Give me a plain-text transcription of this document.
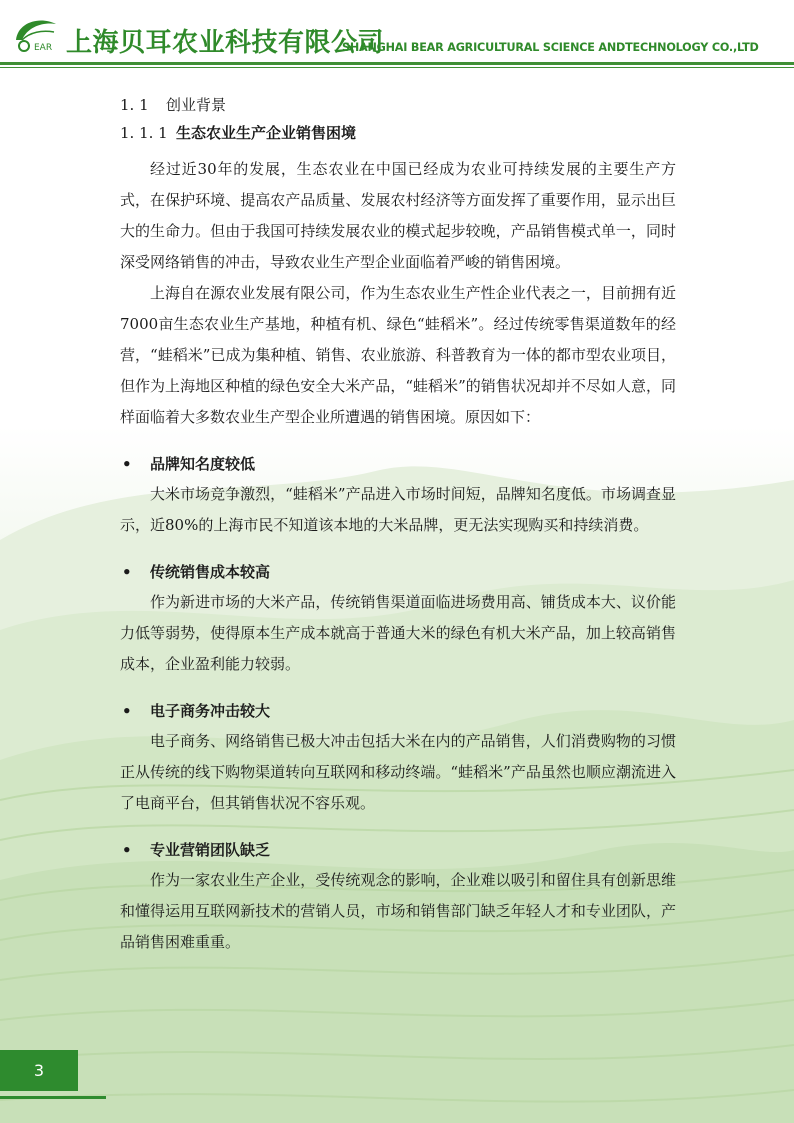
EAR 上海贝耳农业科技有限公司
SHANGHAI BEAR AGRICULTURAL SCIENCE ANDTECHNOLOGY CO.,LTD
1. 1 创业背景
1. 1. 1 生态农业生产企业销售困境

经过近30年的发展，生态农业在中国已经成为农业可持续发展的主要生产方式，在保护环境、提高农产品质量、发展农村经济等方面发挥了重要作用，显示出巨大的生命力。但由于我国可持续发展农业的模式起步较晚，产品销售模式单一，同时深受网络销售的冲击，导致农业生产型企业面临着严峻的销售困境。

上海自在源农业发展有限公司，作为生态农业生产性企业代表之一，目前拥有近7000亩生态农业生产基地，种植有机、绿色“蛙稻米”。经过传统零售渠道数年的经营，“蛙稻米”已成为集种植、销售、农业旅游、科普教育为一体的都市型农业项目，但作为上海地区种植的绿色安全大米产品，“蛙稻米”的销售状况却并不尽如人意，同样面临着大多数农业生产型企业所遭遇的销售困境。原因如下：

• 品牌知名度较低

大米市场竞争激烈，“蛙稻米”产品进入市场时间短，品牌知名度低。市场调查显示，近80%的上海市民不知道该本地的大米品牌，更无法实现购买和持续消费。

• 传统销售成本较高

作为新进市场的大米产品，传统销售渠道面临进场费用高、铺货成本大、议价能力低等弱势，使得原本生产成本就高于普通大米的绿色有机大米产品，加上较高销售成本，企业盈利能力较弱。

• 电子商务冲击较大

电子商务、网络销售已极大冲击包括大米在内的产品销售，人们消费购物的习惯正从传统的线下购物渠道转向互联网和移动终端。“蛙稻米”产品虽然也顺应潮流进入了电商平台，但其销售状况不容乐观。

• 专业营销团队缺乏

作为一家农业生产企业，受传统观念的影响，企业难以吸引和留住具有创新思维和懂得运用互联网新技术的营销人员，市场和销售部门缺乏年轻人才和专业团队，产品销售困难重重。

3
